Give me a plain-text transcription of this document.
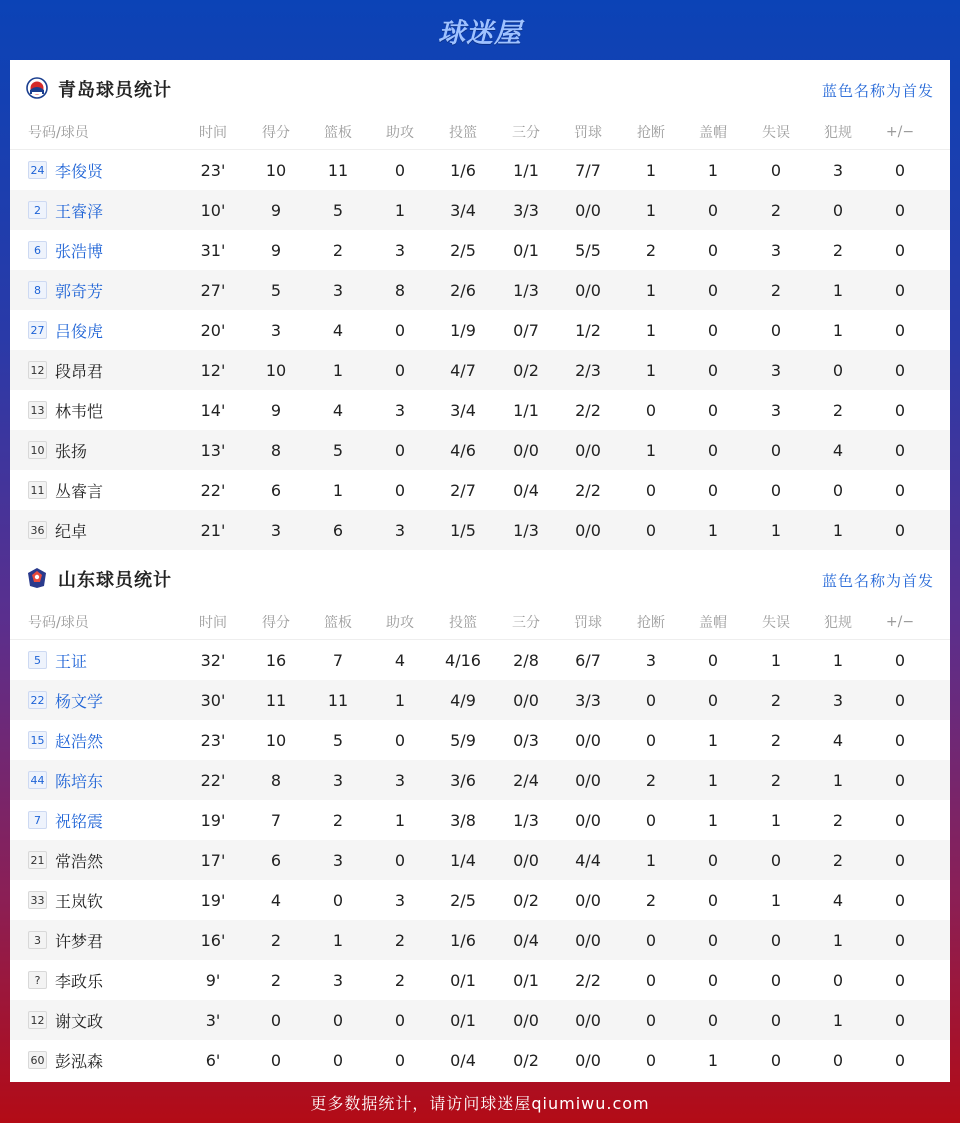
球迷屋
青岛球员统计	蓝色名称为首发
号码/球员	时间	得分	篮板	助攻	投篮	三分	罚球	抢断	盖帽	失误	犯规	+/−
24 李俊贤	23'	10	11	0	1/6	1/1	7/7	1	1	0	3	0
2 王睿泽	10'	9	5	1	3/4	3/3	0/0	1	0	2	0	0
6 张浩博	31'	9	2	3	2/5	0/1	5/5	2	0	3	2	0
8 郭奇芳	27'	5	3	8	2/6	1/3	0/0	1	0	2	1	0
27 吕俊虎	20'	3	4	0	1/9	0/7	1/2	1	0	0	1	0
12 段昂君	12'	10	1	0	4/7	0/2	2/3	1	0	3	0	0
13 林韦恺	14'	9	4	3	3/4	1/1	2/2	0	0	3	2	0
10 张扬	13'	8	5	0	4/6	0/0	0/0	1	0	0	4	0
11 丛睿言	22'	6	1	0	2/7	0/4	2/2	0	0	0	0	0
36 纪卓	21'	3	6	3	1/5	1/3	0/0	0	1	1	1	0
山东球员统计	蓝色名称为首发
号码/球员	时间	得分	篮板	助攻	投篮	三分	罚球	抢断	盖帽	失误	犯规	+/−
5 王证	32'	16	7	4	4/16	2/8	6/7	3	0	1	1	0
22 杨文学	30'	11	11	1	4/9	0/0	3/3	0	0	2	3	0
15 赵浩然	23'	10	5	0	5/9	0/3	0/0	0	1	2	4	0
44 陈培东	22'	8	3	3	3/6	2/4	0/0	2	1	2	1	0
7 祝铭震	19'	7	2	1	3/8	1/3	0/0	0	1	1	2	0
21 常浩然	17'	6	3	0	1/4	0/0	4/4	1	0	0	2	0
33 王岚钦	19'	4	0	3	2/5	0/2	0/0	2	0	1	4	0
3 许梦君	16'	2	1	2	1/6	0/4	0/0	0	0	0	1	0
? 李政乐	9'	2	3	2	0/1	0/1	2/2	0	0	0	0	0
12 谢文政	3'	0	0	0	0/1	0/0	0/0	0	0	0	1	0
60 彭泓森	6'	0	0	0	0/4	0/2	0/0	0	1	0	0	0
更多数据统计，请访问球迷屋qiumiwu.com
